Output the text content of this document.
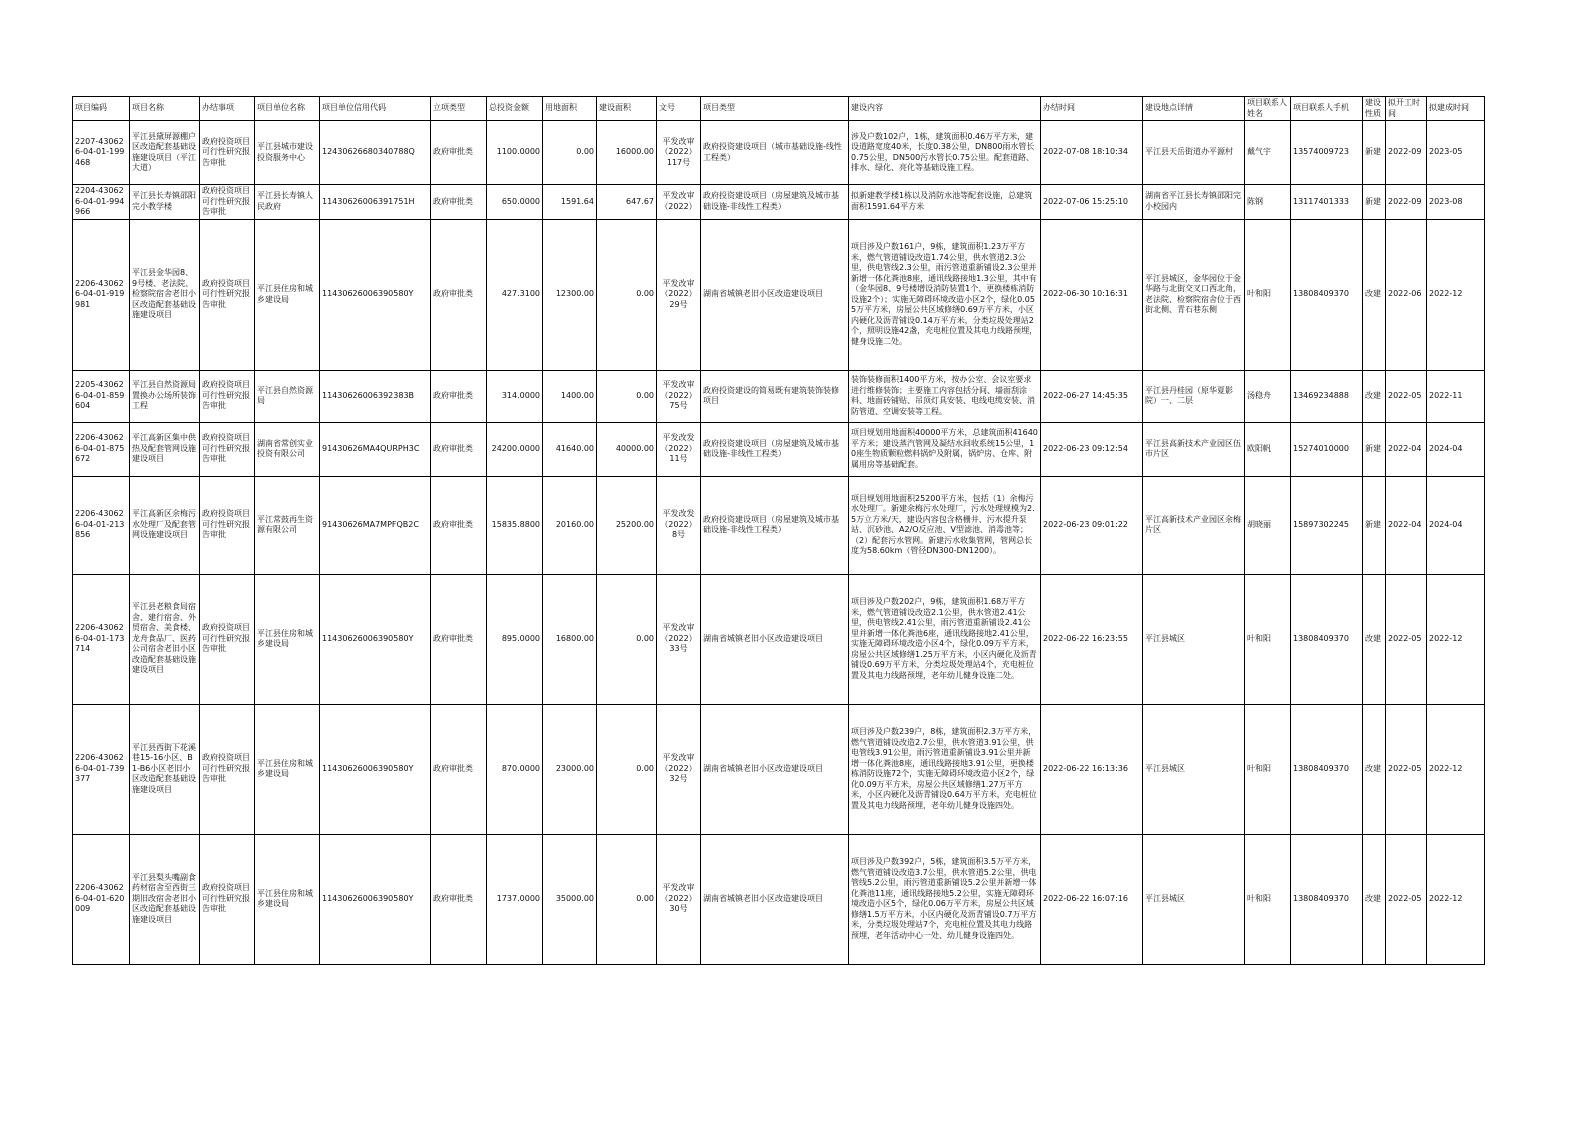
项目编码	项目名称	办结事项	项目单位名称	项目单位信用代码	立项类型	总投资金额	用地面积	建设面积	文号	项目类型	建设内容	办结时间	建设地点详情	项目联系人姓名	项目联系人手机	建设性质	拟开工时间	拟建成时间
2207-430626-04-01-199468	平江县黛屏源棚户区改造配套基础设施建设项目（平江大道）	政府投资项目可行性研究报告审批	平江县城市建设投资服务中心	12430626680340788Q	政府审批类	1100.0000	0.00	16000.00	平发改审（2022）117号	政府投资建设项目（城市基础设施-线性工程类）	涉及户数102户，1栋，建筑面积0.46万平方米，建设道路宽度40米，长度0.38公里，DN800雨水管长0.75公里，DN500污水管长0.75公里。配套道路、排水、绿化、亮化等基础设施工程。	2022-07-08 18:10:34	平江县天岳街道办平源村	戴气宇	13574009723	新建	2022-09	2023-05
2204-430626-04-01-994966	平江县长寿镇邵阳完小教学楼	政府投资项目可行性研究报告审批	平江县长寿镇人民政府	11430626006391751H	政府审批类	650.0000	1591.64	647.67	平发改审（2022）	政府投资建设项目（房屋建筑及城市基础设施-非线性工程类）	拟新建教学楼1栋以及消防水池等配套设施，总建筑面积1591.64平方米	2022-07-06 15:25:10	湖南省平江县长寿镇邵阳完小校园内	陈钢	13117401333	新建	2022-09	2023-08
2206-430626-04-01-919981	平江县金华园8、9号楼、老法院、检察院宿舍老旧小区改造配套基础设施建设项目	政府投资项目可行性研究报告审批	平江县住房和城乡建设局	11430626006390580Y	政府审批类	427.3100	12300.00	0.00	平发改审（2022）29号	湖南省城镇老旧小区改造建设项目	项目涉及户数161户，9栋，建筑面积1.23万平方米，燃气管道铺设改造1.74公里，供水管道2.3公里，供电管线2.3公里，雨污管道重新铺设2.3公里并新增一体化粪池8座，通讯线路接地1.3公里，其中有（金华园8、9号楼增设消防装置1个、更换楼栋消防设施2个）；实施无障碍环境改造小区2个，绿化0.055万平方米，房屋公共区域修缮0.69万平方米，小区内硬化及沥青铺设0.14万平方米，分类垃圾处理站2个，照明设施42盏，充电桩位置及其电力线路预埋，健身设施二处。	2022-06-30 10:16:31	平江县城区，金华园位于金华路与北街交叉口西北角，老法院、检察院宿舍位于西街北侧、青石巷东侧	叶和阳	13808409370	改建	2022-06	2022-12
2205-430626-04-01-859604	平江县自然资源局置换办公场所装饰工程	政府投资项目可行性研究报告审批	平江县自然资源局	11430626006392383B	政府审批类	314.0000	1400.00	0.00	平发改审（2022）75号	政府投资建设的简易既有建筑装饰装修项目	装饰装修面积1400平方米，按办公室、会议室要求进行维修装饰；主要施工内容包括分间、墙面刮涂料、地面砖铺贴、吊顶灯具安装、电线电缆安装、消防管道、空调安装等工程。	2022-06-27 14:45:35	平江县丹桂园（原华夏影院）一、二层	汤稳舟	13469234888	改建	2022-05	2022-11
2206-430626-04-01-875672	平江高新区集中供热及配套管网设施建设项目	政府投资项目可行性研究报告审批	湖南省常创实业投资有限公司	91430626MA4QURPH3C	政府审批类	24200.0000	41640.00	40000.00	平发改发（2022）11号	政府投资建设项目（房屋建筑及城市基础设施-非线性工程类）	项目规划用地面积40000平方米，总建筑面积41640平方米；建设蒸汽管网及凝结水回收系统15公里，10座生物质颗粒燃料锅炉及附属，锅炉房、仓库、附属用房等基础配套。	2022-06-23 09:12:54	平江县高新技术产业园区伍市片区	欧阳帆	15274010000	新建	2022-04	2024-04
2206-430626-04-01-213856	平江高新区余梅污水处理厂及配套管网设施建设项目	政府投资项目可行性研究报告审批	平江常鼓再生资源有限公司	91430626MA7MPFQB2C	政府审批类	15835.8800	20160.00	25200.00	平发改发（2022）8号	政府投资建设项目（房屋建筑及城市基础设施-非线性工程类）	项目规划用地面积25200平方米，包括（1）余梅污水处理厂。新建余梅污水处理厂，污水处理规模为2.5万立方米/天，建设内容包含格栅井、污水提升泵站、沉砂池、A2/O反应池、V型滤池、消毒池等；（2）配套污水管网。新建污水收集管网，管网总长度为58.60km（管径DN300-DN1200）。	2022-06-23 09:01:22	平江高新技术产业园区余梅片区	胡晓丽	15897302245	新建	2022-04	2024-04
2206-430626-04-01-173714	平江县老粮食局宿舍、建行宿舍、外贸宿舍、美食楼、龙舟食品厂、医药公司宿舍老旧小区改造配套基础设施建设项目	政府投资项目可行性研究报告审批	平江县住房和城乡建设局	11430626006390580Y	政府审批类	895.0000	16800.00	0.00	平发改审（2022）33号	湖南省城镇老旧小区改造建设项目	项目涉及户数202户，9栋，建筑面积1.68万平方米，燃气管道铺设改造2.1公里，供水管道2.41公里，供电管线2.41公里，雨污管道重新铺设2.41公里并新增一体化粪池6座，通讯线路接地2.41公里，实施无障碍环境改造小区4个，绿化0.09万平方米，房屋公共区域修缮1.25万平方米，小区内硬化及沥青铺设0.69万平方米，分类垃圾处理站4个，充电桩位置及其电力线路预埋，老年幼儿健身设施二处。	2022-06-22 16:23:55	平江县城区	叶和阳	13808409370	改建	2022-05	2022-12
2206-430626-04-01-739377	平江县西街下花溪巷15-16小区、B1-B6小区老旧小区改造配套基础设施建设项目	政府投资项目可行性研究报告审批	平江县住房和城乡建设局	11430626006390580Y	政府审批类	870.0000	23000.00	0.00	平发改审（2022）32号	湖南省城镇老旧小区改造建设项目	项目涉及户数239户，8栋，建筑面积2.3万平方米，燃气管道铺设改造2.7公里，供水管道3.91公里，供电管线3.91公里，雨污管道重新铺设3.91公里并新增一体化粪池8座，通讯线路接地3.91公里，更换楼栋消防设施72个，实施无障碍环境改造小区2个，绿化0.09万平方米，房屋公共区域修缮1.27万平方米，小区内硬化及沥青铺设0.64万平方米，充电桩位置及其电力线路预埋，老年幼儿健身设施四处。	2022-06-22 16:13:36	平江县城区	叶和阳	13808409370	改建	2022-05	2022-12
2206-430626-04-01-620009	平江县梨头嘴副食药材宿舍至西街三期旧改宿舍老旧小区改造配套基础设施建设项目	政府投资项目可行性研究报告审批	平江县住房和城乡建设局	11430626006390580Y	政府审批类	1737.0000	35000.00	0.00	平发改审（2022）30号	湖南省城镇老旧小区改造建设项目	项目涉及户数392户，5栋，建筑面积3.5万平方米，燃气管道铺设改造3.7公里，供水管道5.2公里，供电管线5.2公里，雨污管道重新铺设5.2公里并新增一体化粪池11座，通讯线路接地5.2公里，实施无障碍环境改造小区5个，绿化0.06万平方米，房屋公共区域修缮1.5万平方米，小区内硬化及沥青铺设0.7万平方米，分类垃圾处理站7个，充电桩位置及其电力线路预埋，老年活动中心一处、幼儿健身设施四处。	2022-06-22 16:07:16	平江县城区	叶和阳	13808409370	改建	2022-05	2022-12
